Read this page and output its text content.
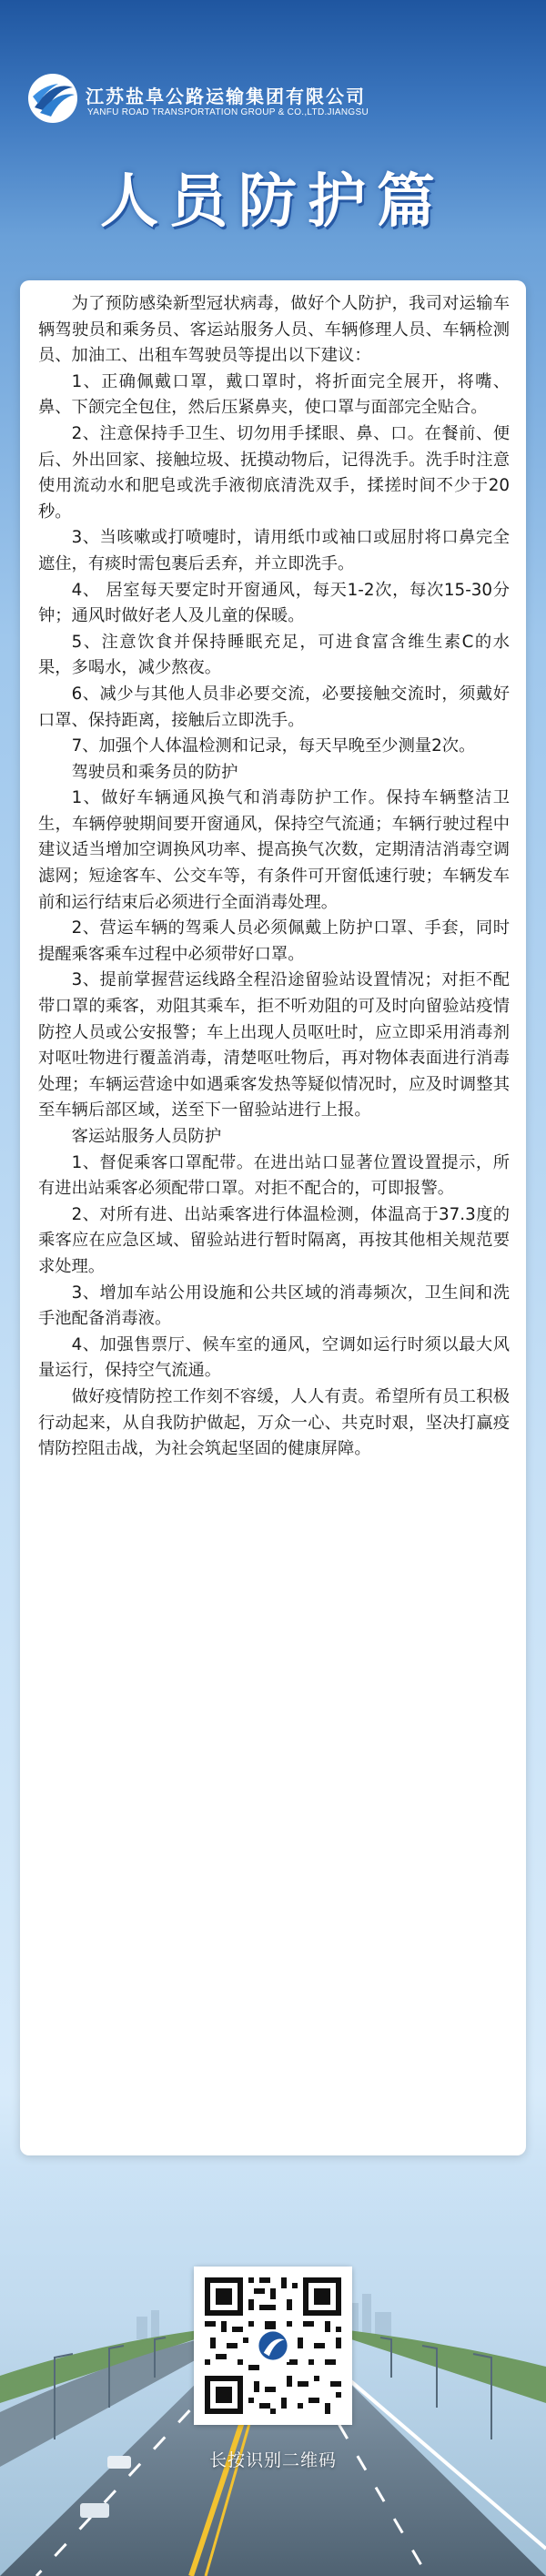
江苏盐阜公路运输集团有限公司
YANFU ROAD TRANSPORTATION GROUP & CO.,LTD.JIANGSU
人员防护篇

为了预防感染新型冠状病毒，做好个人防护，我司对运输车辆驾驶员和乘务员、客运站服务人员、车辆修理人员、车辆检测员、加油工、出租车驾驶员等提出以下建议：

1、正确佩戴口罩，戴口罩时，将折面完全展开，将嘴、鼻、下颌完全包住，然后压紧鼻夹，使口罩与面部完全贴合。

2、注意保持手卫生、切勿用手揉眼、鼻、口。在餐前、便后、外出回家、接触垃圾、抚摸动物后，记得洗手。洗手时注意使用流动水和肥皂或洗手液彻底清洗双手，揉搓时间不少于20秒。

3、当咳嗽或打喷嚏时，请用纸巾或袖口或屈肘将口鼻完全遮住，有痰时需包裹后丢弃，并立即洗手。

4、 居室每天要定时开窗通风，每天1-2次，每次15-30分钟；通风时做好老人及儿童的保暖。

5、注意饮食并保持睡眠充足，可进食富含维生素C的水果，多喝水，减少熬夜。

6、减少与其他人员非必要交流，必要接触交流时，须戴好口罩、保持距离，接触后立即洗手。

7、加强个人体温检测和记录，每天早晚至少测量2次。

驾驶员和乘务员的防护

1、做好车辆通风换气和消毒防护工作。保持车辆整洁卫生，车辆停驶期间要开窗通风，保持空气流通；车辆行驶过程中建议适当增加空调换风功率、提高换气次数，定期清洁消毒空调滤网；短途客车、公交车等，有条件可开窗低速行驶；车辆发车前和运行结束后必须进行全面消毒处理。

2、营运车辆的驾乘人员必须佩戴上防护口罩、手套，同时提醒乘客乘车过程中必须带好口罩。

3、提前掌握营运线路全程沿途留验站设置情况；对拒不配带口罩的乘客，劝阻其乘车，拒不听劝阻的可及时向留验站疫情防控人员或公安报警；车上出现人员呕吐时，应立即采用消毒剂对呕吐物进行覆盖消毒，清楚呕吐物后，再对物体表面进行消毒处理；车辆运营途中如遇乘客发热等疑似情况时，应及时调整其至车辆后部区域，送至下一留验站进行上报。

客运站服务人员防护

1、督促乘客口罩配带。在进出站口显著位置设置提示，所有进出站乘客必须配带口罩。对拒不配合的，可即报警。

2、对所有进、出站乘客进行体温检测，体温高于37.3度的乘客应在应急区域、留验站进行暂时隔离，再按其他相关规范要求处理。

3、增加车站公用设施和公共区域的消毒频次，卫生间和洗手池配备消毒液。

4、加强售票厅、候车室的通风，空调如运行时须以最大风量运行，保持空气流通。

做好疫情防控工作刻不容缓，人人有责。希望所有员工积极行动起来，从自我防护做起，万众一心、共克时艰，坚决打赢疫情防控阻击战，为社会筑起坚固的健康屏障。

长按识别二维码
